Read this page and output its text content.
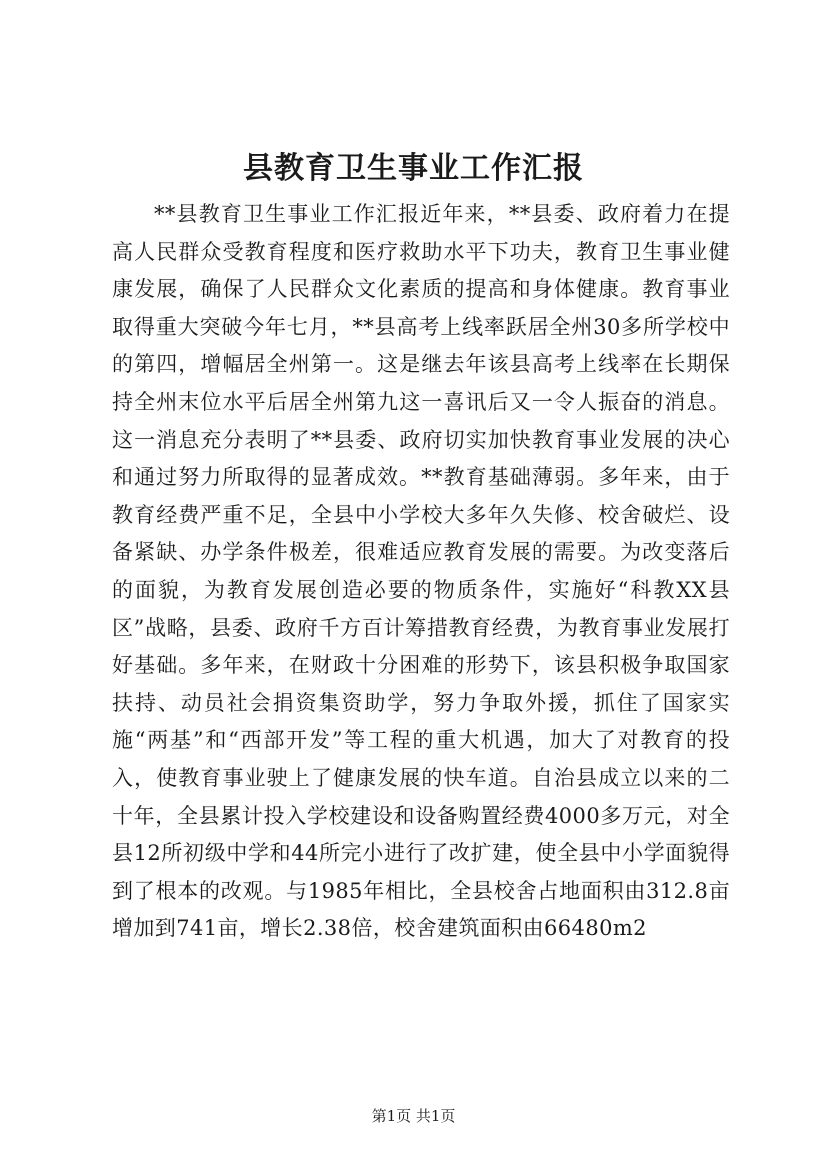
县教育卫生事业工作汇报

**县教育卫生事业工作汇报近年来，**县委、政府着力在提高人民群众受教育程度和医疗救助水平下功夫，教育卫生事业健康发展，确保了人民群众文化素质的提高和身体健康。教育事业取得重大突破今年七月，**县高考上线率跃居全州30多所学校中的第四，增幅居全州第一。这是继去年该县高考上线率在长期保持全州末位水平后居全州第九这一喜讯后又一令人振奋的消息。这一消息充分表明了**县委、政府切实加快教育事业发展的决心和通过努力所取得的显著成效。**教育基础薄弱。多年来，由于教育经费严重不足，全县中小学校大多年久失修、校舍破烂、设备紧缺、办学条件极差，很难适应教育发展的需要。为改变落后的面貌，为教育发展创造必要的物质条件，实施好“科教XX县区”战略，县委、政府千方百计筹措教育经费，为教育事业发展打好基础。多年来，在财政十分困难的形势下，该县积极争取国家扶持、动员社会捐资集资助学，努力争取外援，抓住了国家实施“两基”和“西部开发”等工程的重大机遇，加大了对教育的投入，使教育事业驶上了健康发展的快车道。自治县成立以来的二十年，全县累计投入学校建设和设备购置经费4000多万元，对全县12所初级中学和44所完小进行了改扩建，使全县中小学面貌得到了根本的改观。与1985年相比，全县校舍占地面积由312.8亩增加到741亩，增长2.38倍，校舍建筑面积由66480m2

第1页 共1页
